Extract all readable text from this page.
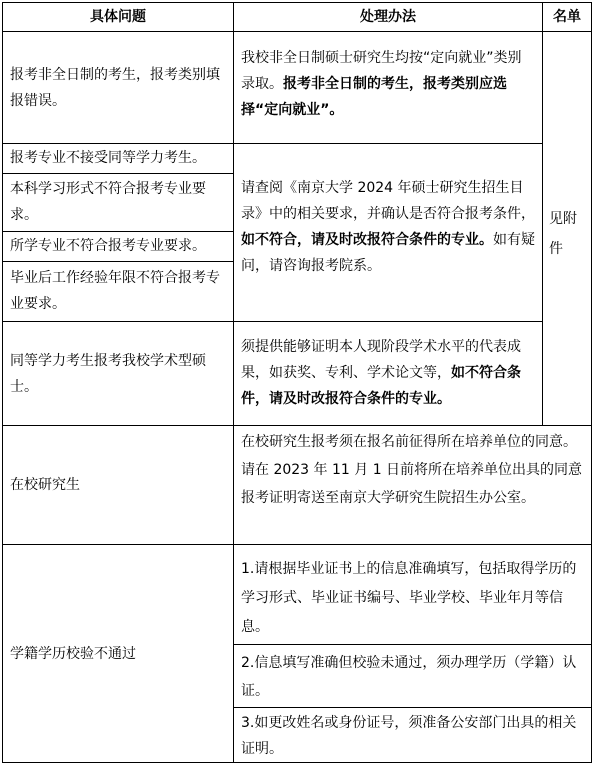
具体问题	处理办法	名单
报考非全日制的考生，报考类别填报错误。
我校非全日制硕士研究生均按“定向就业”类别录取。报考非全日制的考生，报考类别应选择“定向就业”。
报考专业不接受同等学力考生。
本科学习形式不符合报考专业要求。
所学专业不符合报考专业要求。
毕业后工作经验年限不符合报考专业要求。
请查阅《南京大学 2024 年硕士研究生招生目录》中的相关要求，并确认是否符合报考条件，如不符合，请及时改报符合条件的专业。如有疑问，请咨询报考院系。
同等学力考生报考我校学术型硕士。
须提供能够证明本人现阶段学术水平的代表成果，如获奖、专利、学术论文等，如不符合条件，请及时改报符合条件的专业。
见附件
在校研究生
在校研究生报考须在报名前征得所在培养单位的同意。请在 2023 年 11 月 1 日前将所在培养单位出具的同意报考证明寄送至南京大学研究生院招生办公室。
学籍学历校验不通过
1.请根据毕业证书上的信息准确填写，包括取得学历的学习形式、毕业证书编号、毕业学校、毕业年月等信息。
2.信息填写准确但校验未通过，须办理学历（学籍）认证。
3.如更改姓名或身份证号，须准备公安部门出具的相关证明。
